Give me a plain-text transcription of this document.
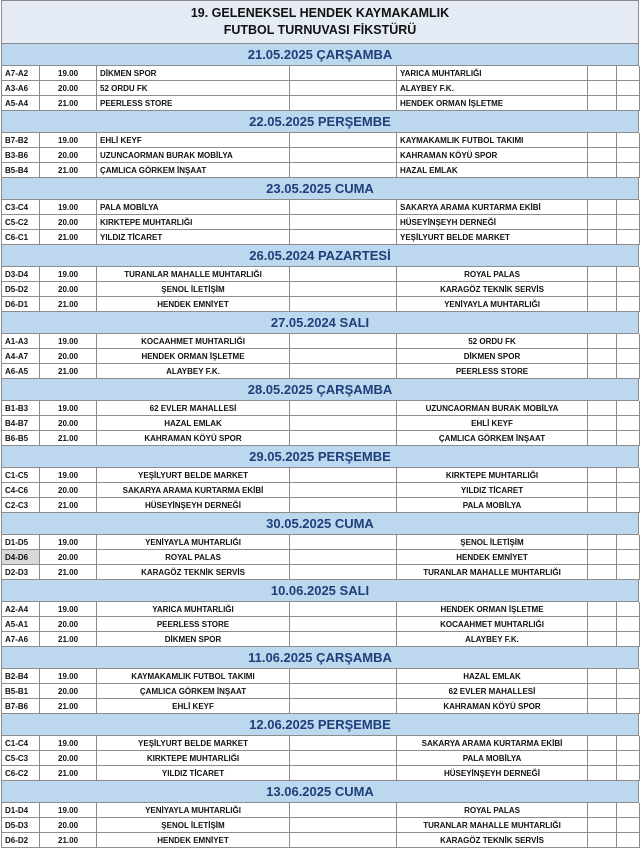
19. GELENEKSEL HENDEK KAYMAKAMLIK
FUTBOL TURNUVASI FİKSTÜRÜ
21.05.2025 ÇARŞAMBA
A7-A2	19.00	DİKMEN SPOR	YARICA MUHTARLIĞI
A3-A6	20.00	52 ORDU FK	ALAYBEY F.K.
A5-A4	21.00	PEERLESS STORE	HENDEK ORMAN İŞLETME
22.05.2025 PERŞEMBE
B7-B2	19.00	EHLİ KEYF	KAYMAKAMLIK FUTBOL TAKIMI
B3-B6	20.00	UZUNCAORMAN BURAK MOBİLYA	KAHRAMAN KÖYÜ SPOR
B5-B4	21.00	ÇAMLICA GÖRKEM İNŞAAT	HAZAL EMLAK
23.05.2025 CUMA
C3-C4	19.00	PALA MOBİLYA	SAKARYA ARAMA KURTARMA EKİBİ
C5-C2	20.00	KIRKTEPE MUHTARLIĞI	HÜSEYİNŞEYH DERNEĞİ
C6-C1	21.00	YILDIZ TİCARET	YEŞİLYURT BELDE MARKET
26.05.2024 PAZARTESİ
D3-D4	19.00	TURANLAR MAHALLE MUHTARLIĞI	ROYAL PALAS
D5-D2	20.00	ŞENOL İLETİŞİM	KARAGÖZ TEKNİK SERVİS
D6-D1	21.00	HENDEK EMNİYET	YENİYAYLA MUHTARLIĞI
27.05.2024 SALI
A1-A3	19.00	KOCAAHMET MUHTARLIĞI	52 ORDU FK
A4-A7	20.00	HENDEK ORMAN İŞLETME	DİKMEN SPOR
A6-A5	21.00	ALAYBEY F.K.	PEERLESS STORE
28.05.2025 ÇARŞAMBA
B1-B3	19.00	62 EVLER MAHALLESİ	UZUNCAORMAN BURAK MOBİLYA
B4-B7	20.00	HAZAL EMLAK	EHLİ KEYF
B6-B5	21.00	KAHRAMAN KÖYÜ SPOR	ÇAMLICA GÖRKEM İNŞAAT
29.05.2025 PERŞEMBE
C1-C5	19.00	YEŞİLYURT BELDE MARKET	KIRKTEPE MUHTARLIĞI
C4-C6	20.00	SAKARYA ARAMA KURTARMA EKİBİ	YILDIZ TİCARET
C2-C3	21.00	HÜSEYİNŞEYH DERNEĞİ	PALA MOBİLYA
30.05.2025 CUMA
D1-D5	19.00	YENİYAYLA MUHTARLIĞI	ŞENOL İLETİŞİM
D4-D6	20.00	ROYAL PALAS	HENDEK EMNİYET
D2-D3	21.00	KARAGÖZ TEKNİK SERVİS	TURANLAR MAHALLE MUHTARLIĞI
10.06.2025 SALI
A2-A4	19.00	YARICA MUHTARLIĞI	HENDEK ORMAN İŞLETME
A5-A1	20.00	PEERLESS STORE	KOCAAHMET MUHTARLIĞI
A7-A6	21.00	DİKMEN SPOR	ALAYBEY F.K.
11.06.2025 ÇARŞAMBA
B2-B4	19.00	KAYMAKAMLIK FUTBOL TAKIMI	HAZAL EMLAK
B5-B1	20.00	ÇAMLICA GÖRKEM İNŞAAT	62 EVLER MAHALLESİ
B7-B6	21.00	EHLİ KEYF	KAHRAMAN KÖYÜ SPOR
12.06.2025 PERŞEMBE
C1-C4	19.00	YEŞİLYURT BELDE MARKET	SAKARYA ARAMA KURTARMA EKİBİ
C5-C3	20.00	KIRKTEPE MUHTARLIĞI	PALA MOBİLYA
C6-C2	21.00	YILDIZ TİCARET	HÜSEYİNŞEYH DERNEĞİ
13.06.2025 CUMA
D1-D4	19.00	YENİYAYLA MUHTARLIĞI	ROYAL PALAS
D5-D3	20.00	ŞENOL İLETİŞİM	TURANLAR MAHALLE MUHTARLIĞI
D6-D2	21.00	HENDEK EMNİYET	KARAGÖZ TEKNİK SERVİS
